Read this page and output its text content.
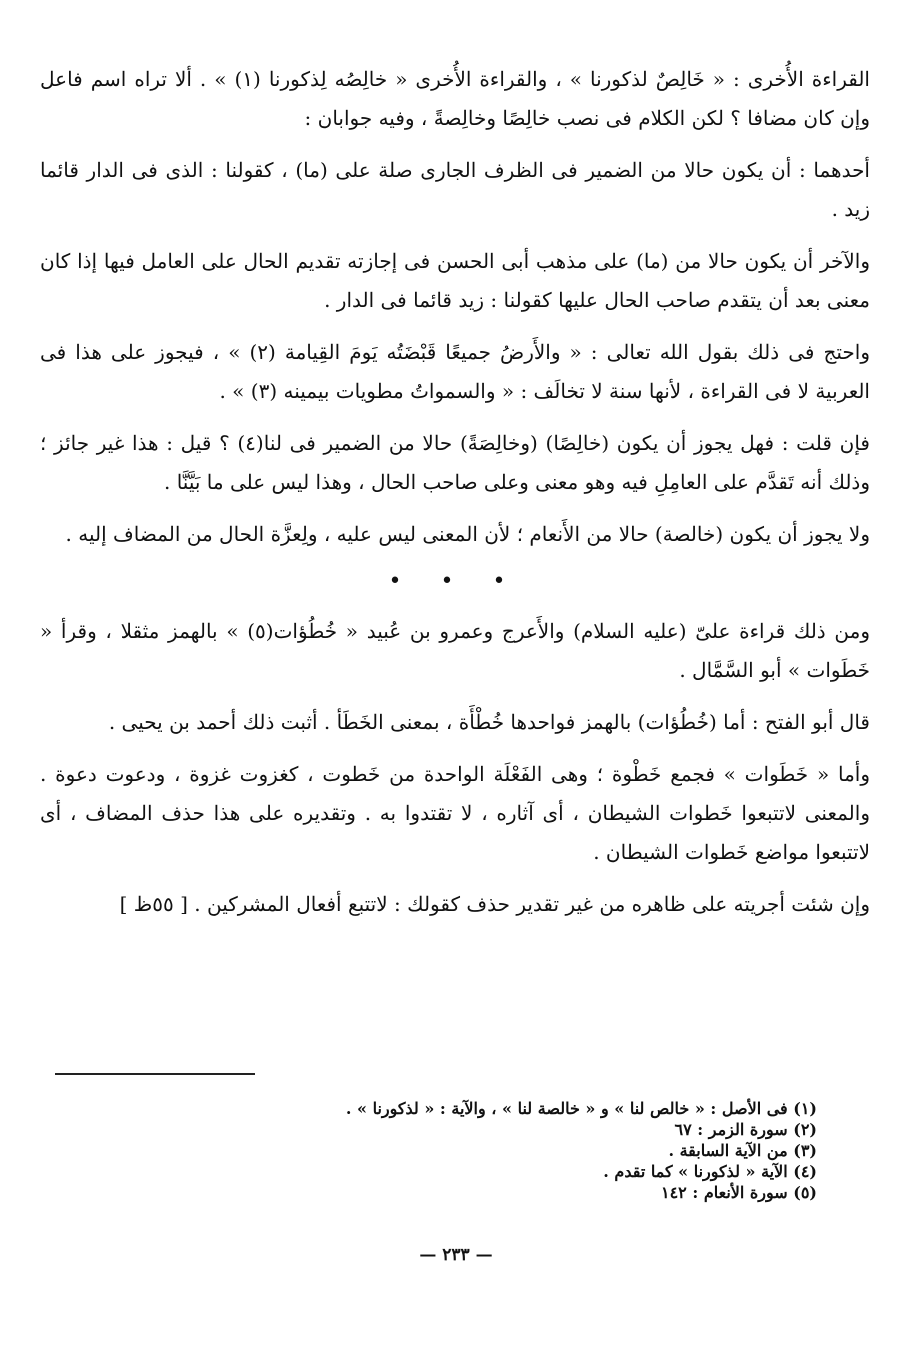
القراءة الأُخرى : « خَالِصٌ لذكورنا » ، والقراءة الأُخرى « خالِصُه لِذكورنا (١) » . ألا تراه اسم فاعل وإن كان مضافا ؟ لكن الكلام فى نصب خالِصًا وخالِصةً ، وفيه جوابان :

أحدهما : أن يكون حالا من الضمير فى الظرف الجارى صلة على (ما) ، كقولنا : الذى فى الدار قائما زيد .

والآخر أن يكون حالا من (ما) على مذهب أبى الحسن فى إجازته تقديم الحال على العامل فيها إذا كان معنى بعد أن يتقدم صاحب الحال عليها كقولنا : زيد قائما فى الدار .

واحتج فى ذلك بقول الله تعالى : « والأَرضُ جميعًا قَبْضَتُه يَومَ القِيامة (٢) » ، فيجوز على هذا فى العربية لا فى القراءة ، لأنها سنة لا تخالَف : « والسمواتُ مطويات بيمينه (٣) » .

فإن قلت : فهل يجوز أن يكون (خالِصًا) (وخالِصَةً) حالا من الضمير فى لنا(٤) ؟ قيل : هذا غير جائز ؛ وذلك أنه تَقدَّم على العامِلِ فيه وهو معنى وعلى صاحب الحال ، وهذا ليس على ما بَيَّنَّا .

ولا يجوز أن يكون (خالصة) حالا من الأَنعام ؛ لأن المعنى ليس عليه ، ولِعزَّة الحال من المضاف إليه .

• • •

ومن ذلك قراءة علىّ (عليه السلام) والأَعرج وعمرو بن عُبيد « خُطُؤات(٥) » بالهمز مثقلا ، وقرأ « خَطَوات » أبو السَّمَّال .

قال أبو الفتح : أما (خُطُؤات) بالهمز فواحدها خُطْأَة ، بمعنى الخَطَأ . أثبت ذلك أحمد بن يحيى .

وأما « خَطَوات » فجمع خَطْوة ؛ وهى الفَعْلَة الواحدة من خَطوت ، كغزوت غزوة ، ودعوت دعوة . والمعنى لاتتبعوا خَطوات الشيطان ، أى آثاره ، لا تقتدوا به . وتقديره على هذا حذف المضاف ، أى لاتتبعوا مواضع خَطوات الشيطان .

وإن شئت أجريته على ظاهره من غير تقدير حذف كقولك : لاتتبع أفعال المشركين . [ ٥٥ظ ]

(١) فى الأصل : « خالص لنا » و « خالصة لنا » ، والآية : « لذكورنا » .

(٢) سورة الزمر : ٦٧

(٣) من الآية السابقة .

(٤) الآية « لذكورنا » كما تقدم .

(٥) سورة الأنعام : ١٤٢

— ٢٣٣ —
